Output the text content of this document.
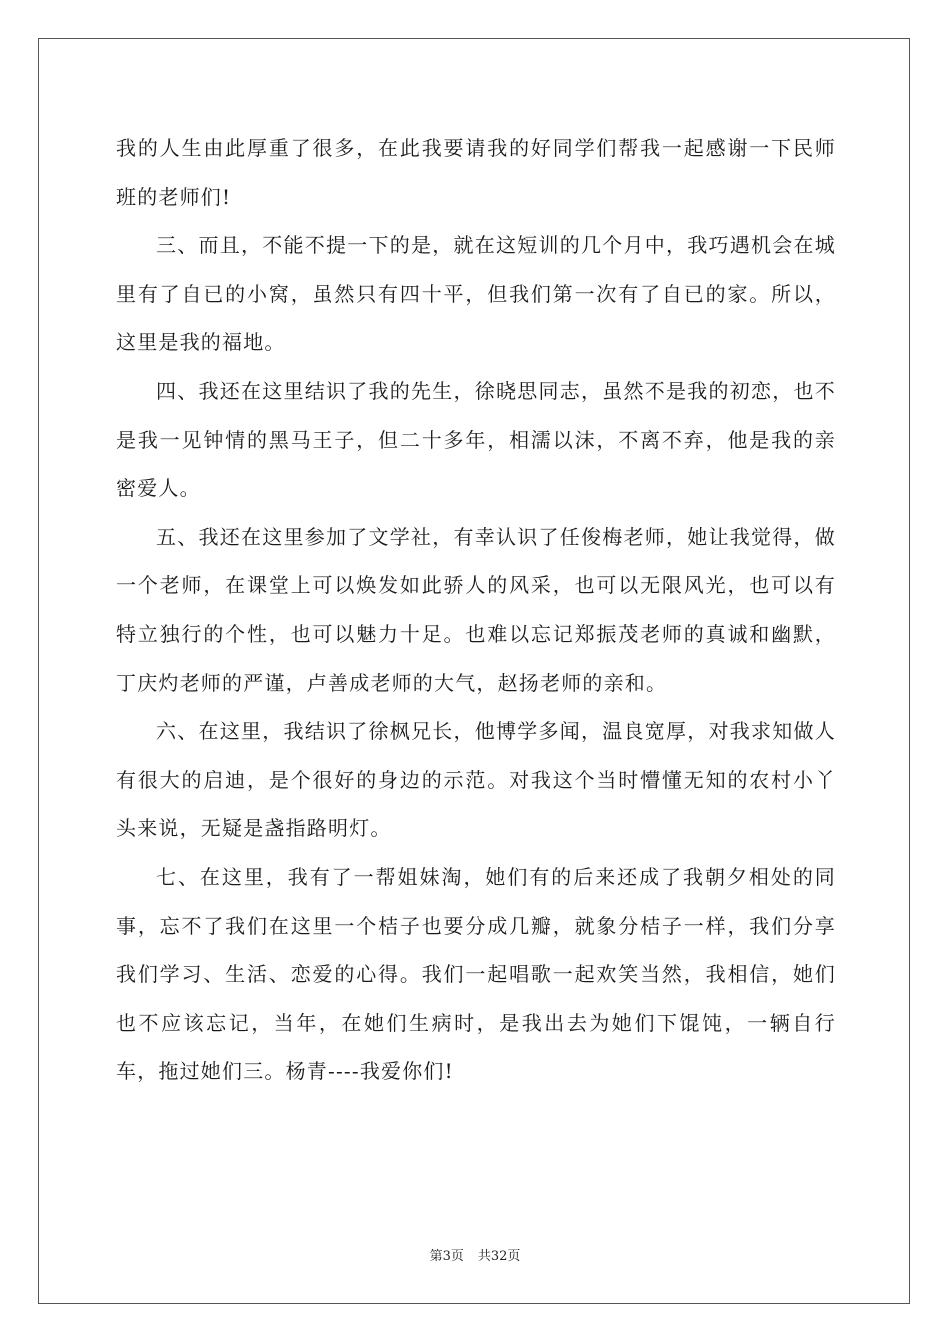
我的人生由此厚重了很多，在此我要请我的好同学们帮我一起感谢一下民师班的老师们!

三、而且，不能不提一下的是，就在这短训的几个月中，我巧遇机会在城里有了自已的小窝，虽然只有四十平，但我们第一次有了自已的家。所以，这里是我的福地。

四、我还在这里结识了我的先生，徐晓思同志，虽然不是我的初恋，也不是我一见钟情的黑马王子，但二十多年，相濡以沫，不离不弃，他是我的亲密爱人。

五、我还在这里参加了文学社，有幸认识了任俊梅老师，她让我觉得，做一个老师，在课堂上可以焕发如此骄人的风采，也可以无限风光，也可以有特立独行的个性，也可以魅力十足。也难以忘记郑振茂老师的真诚和幽默，丁庆灼老师的严谨，卢善成老师的大气，赵扬老师的亲和。

六、在这里，我结识了徐枫兄长，他博学多闻，温良宽厚，对我求知做人有很大的启迪，是个很好的身边的示范。对我这个当时懵懂无知的农村小丫头来说，无疑是盏指路明灯。

七、在这里，我有了一帮姐妹淘，她们有的后来还成了我朝夕相处的同事，忘不了我们在这里一个桔子也要分成几瓣，就象分桔子一样，我们分享我们学习、生活、恋爱的心得。我们一起唱歌一起欢笑当然，我相信，她们也不应该忘记，当年，在她们生病时，是我出去为她们下馄饨，一辆自行车，拖过她们三。杨青----我爱你们!

第3页 共32页
